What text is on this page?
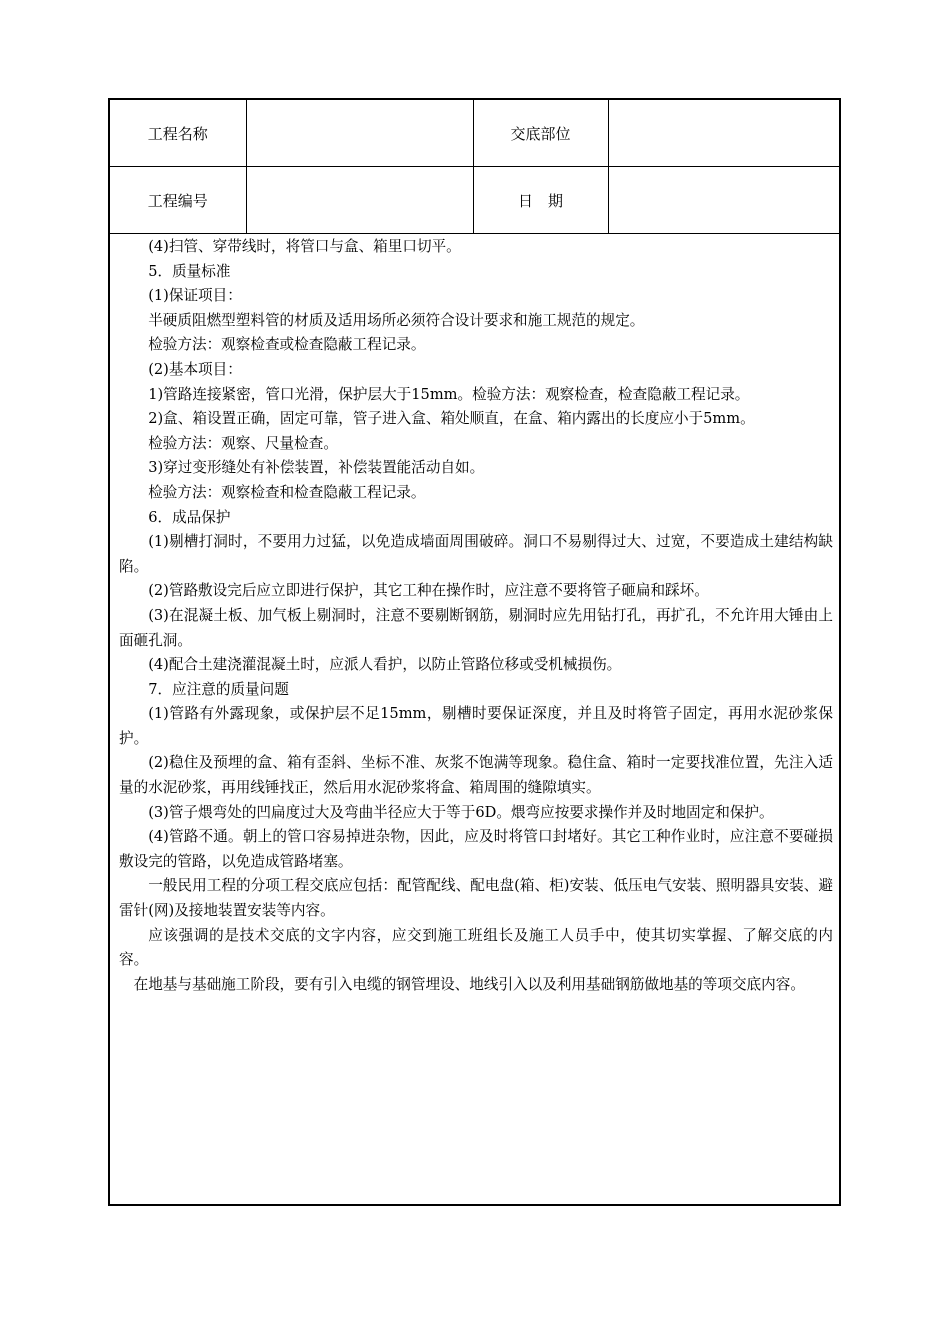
工程名称		交底部位	
工程编号		日　期	

(4)扫管、穿带线时，将管口与盒、箱里口切平。

5．质量标准

(1)保证项目：

半硬质阻燃型塑料管的材质及适用场所必须符合设计要求和施工规范的规定。

检验方法：观察检查或检查隐蔽工程记录。

(2)基本项目：

1)管路连接紧密，管口光滑，保护层大于15mm。检验方法：观察检查，检查隐蔽工程记录。

2)盒、箱设置正确，固定可靠，管子进入盒、箱处顺直，在盒、箱内露出的长度应小于5mm。

检验方法：观察、尺量检查。

3)穿过变形缝处有补偿装置，补偿装置能活动自如。

检验方法：观察检查和检查隐蔽工程记录。

6．成品保护

(1)剔槽打洞时，不要用力过猛，以免造成墙面周围破碎。洞口不易剔得过大、过宽，不要造成土建结构缺陷。

(2)管路敷设完后应立即进行保护，其它工种在操作时，应注意不要将管子砸扁和踩坏。

(3)在混凝土板、加气板上剔洞时，注意不要剔断钢筋，剔洞时应先用钻打孔，再扩孔，不允许用大锤由上面砸孔洞。

(4)配合土建浇灌混凝土时，应派人看护，以防止管路位移或受机械损伤。

7．应注意的质量问题

(1)管路有外露现象，或保护层不足15mm，剔槽时要保证深度，并且及时将管子固定，再用水泥砂浆保护。

(2)稳住及预埋的盒、箱有歪斜、坐标不准、灰浆不饱满等现象。稳住盒、箱时一定要找准位置，先注入适量的水泥砂浆，再用线锤找正，然后用水泥砂浆将盒、箱周围的缝隙填实。

(3)管子煨弯处的凹扁度过大及弯曲半径应大于等于6D。煨弯应按要求操作并及时地固定和保护。

(4)管路不通。朝上的管口容易掉进杂物，因此，应及时将管口封堵好。其它工种作业时，应注意不要碰损敷设完的管路，以免造成管路堵塞。

一般民用工程的分项工程交底应包括：配管配线、配电盘(箱、柜)安装、低压电气安装、照明器具安装、避雷针(网)及接地装置安装等内容。

应该强调的是技术交底的文字内容，应交到施工班组长及施工人员手中，使其切实掌握、了解交底的内容。

在地基与基础施工阶段，要有引入电缆的钢管埋设、地线引入以及利用基础钢筋做地基的等项交底内容。
